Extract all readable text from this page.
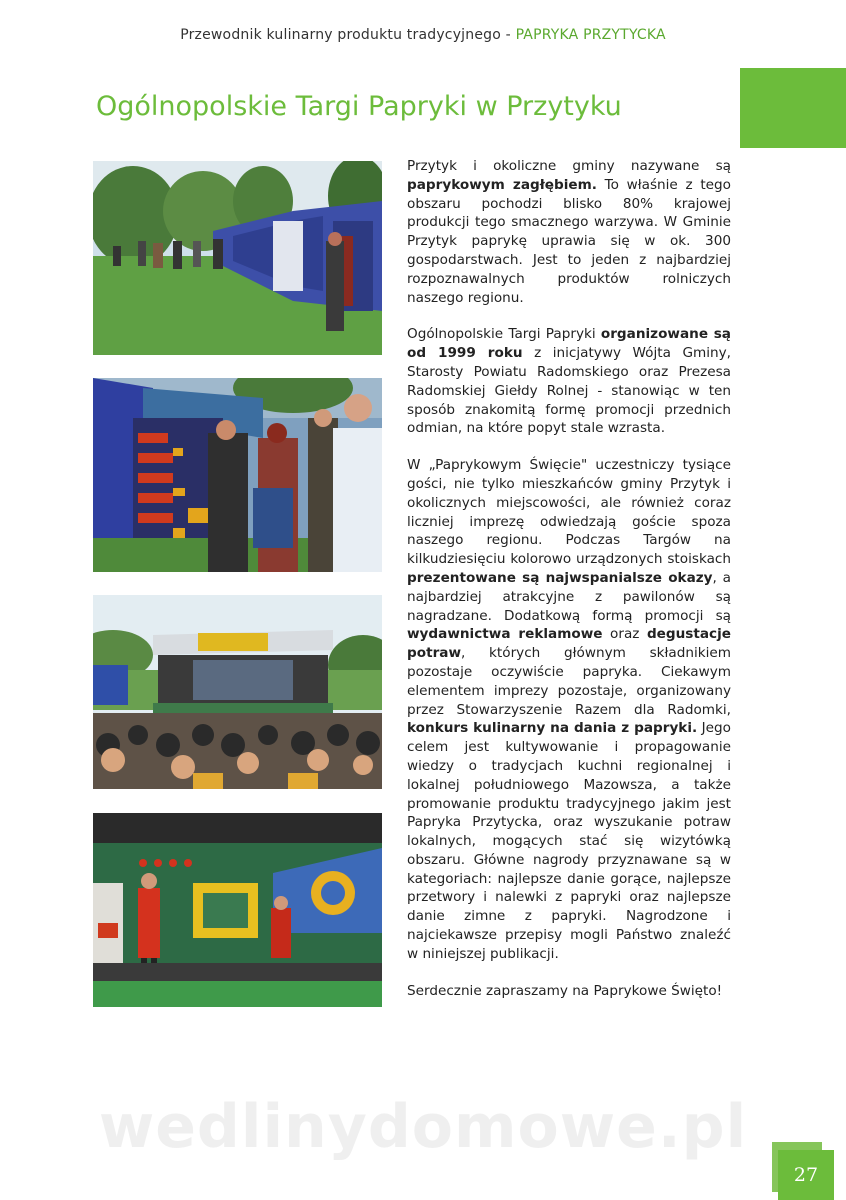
Przewodnik kulinarny produktu tradycyjnego - PAPRYKA PRZYTYCKA
Ogólnopolskie Targi Papryki w Przytyku

Przytyk i okoliczne gminy nazywane są paprykowym zagłębiem. To właśnie z tego obszaru pochodzi blisko 80% krajowej produkcji tego smacznego warzywa. W Gminie Przytyk paprykę uprawia się w ok. 300 gospodarstwach. Jest to jeden z najbardziej rozpoznawalnych produktów rolniczych naszego regionu.

Ogólnopolskie Targi Papryki organizowane są od 1999 roku z inicjatywy Wójta Gminy, Starosty Powiatu Radomskiego oraz Prezesa Radomskiej Giełdy Rolnej - stanowiąc w ten sposób znakomitą formę promocji przednich odmian, na które popyt stale wzrasta.

W „Paprykowym Święcie" uczestniczy tysiące gości, nie tylko mieszkańców gminy Przytyk i okolicznych miejscowości, ale również coraz liczniej imprezę odwiedzają goście spoza naszego regionu. Podczas Targów na kilkudziesięciu kolorowo urządzonych stoiskach prezentowane są najwspanialsze okazy, a najbardziej atrakcyjne z pawilonów są nagradzane. Dodatkową formą promocji są wydawnictwa reklamowe oraz degustacje potraw, których głównym składnikiem pozostaje oczywiście papryka. Ciekawym elementem imprezy pozostaje, organizowany przez Stowarzyszenie Razem dla Radomki, konkurs kulinarny na dania z papryki. Jego celem jest kultywowanie i propagowanie wiedzy o tradycjach kuchni regionalnej i lokalnej południowego Mazowsza, a także promowanie produktu tradycyjnego jakim jest Papryka Przytycka, oraz wyszukanie potraw lokalnych, mogących stać się wizytówką obszaru. Główne nagrody przyznawane są w kategoriach: najlepsze danie gorące, najlepsze przetwory i nalewki z papryki oraz najlepsze danie zimne z papryki. Nagrodzone i najciekawsze przepisy mogli Państwo znaleźć w niniejszej publikacji.

Serdecznie zapraszamy na Paprykowe Święto!

wedlinydomowe.pl
27
